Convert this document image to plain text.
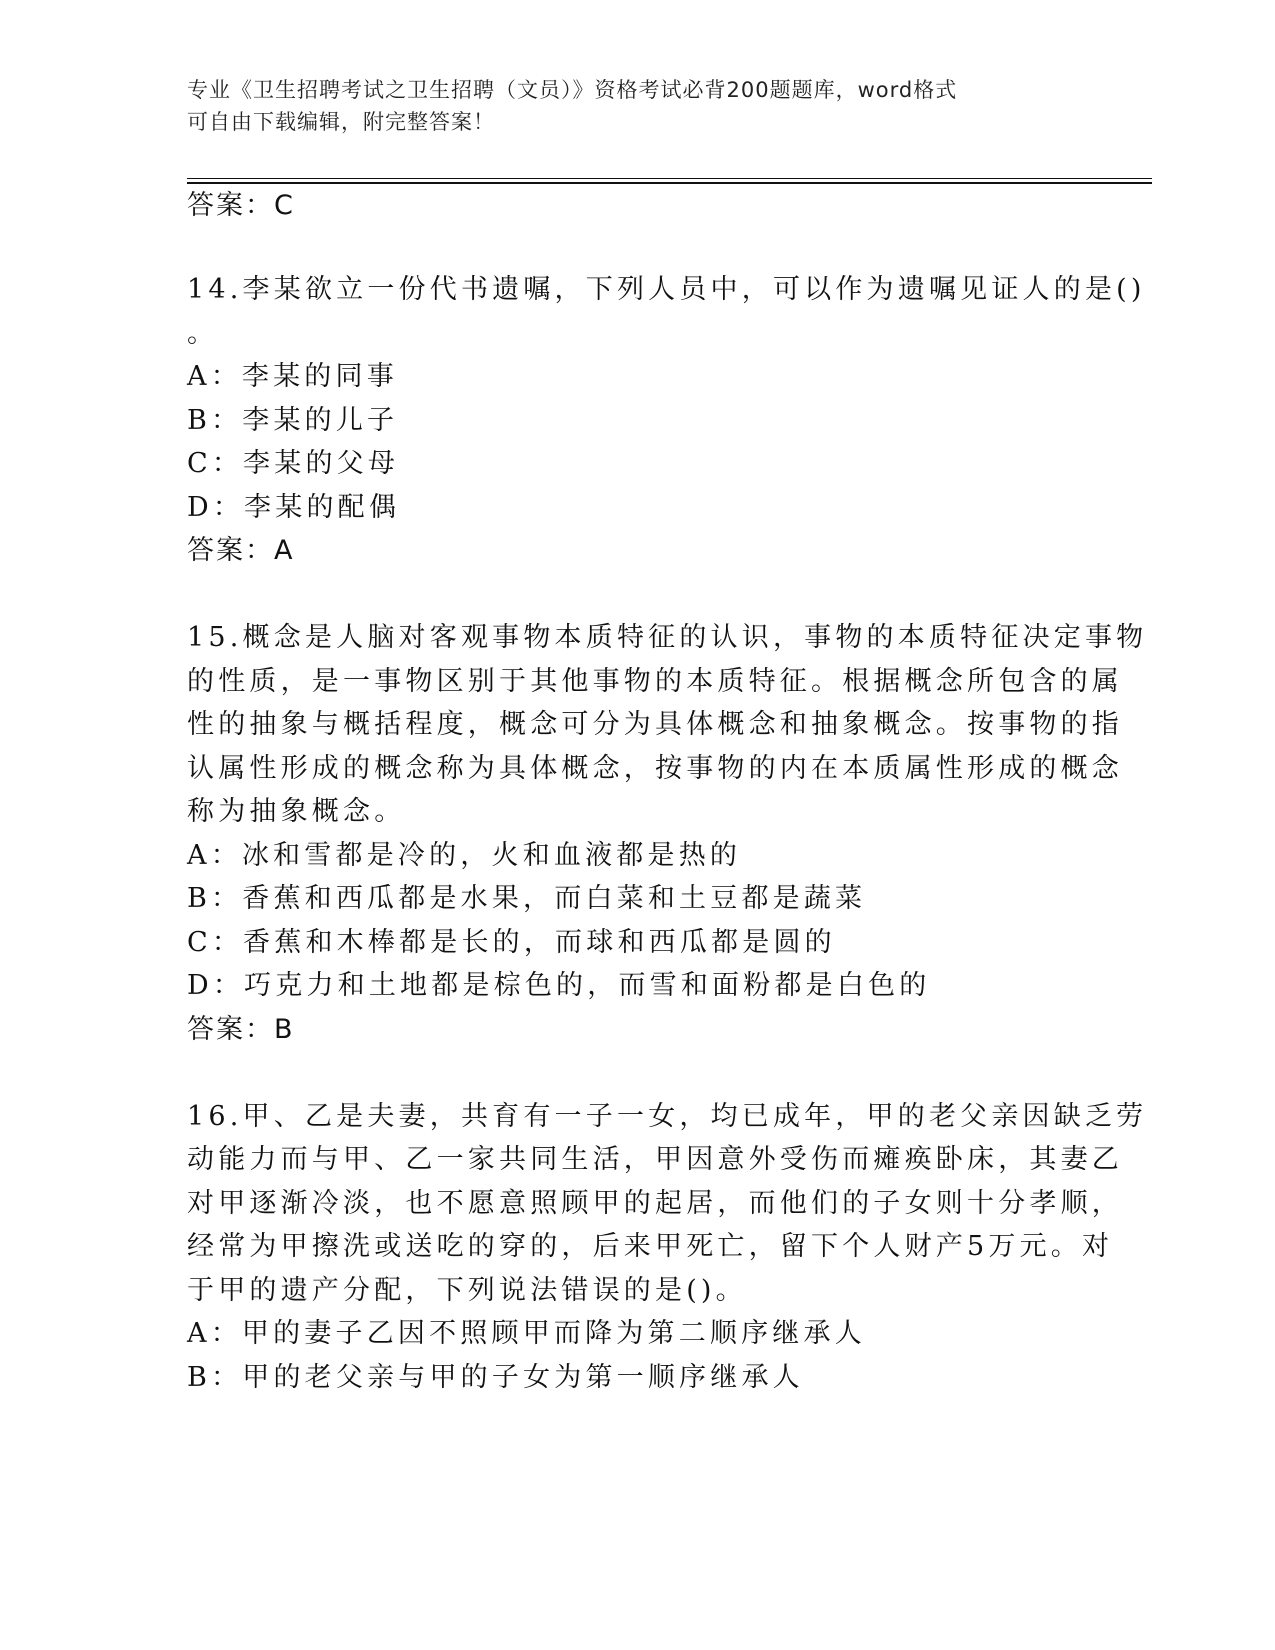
专业《卫生招聘考试之卫生招聘（文员）》资格考试必背200题题库，word格式
可自由下载编辑，附完整答案！
答案：C
14.李某欲立一份代书遗嘱，下列人员中，可以作为遗嘱见证人的是()
。
A：李某的同事
B：李某的儿子
C：李某的父母
D：李某的配偶
答案：A
15.概念是人脑对客观事物本质特征的认识，事物的本质特征决定事物
的性质，是一事物区别于其他事物的本质特征。根据概念所包含的属
性的抽象与概括程度，概念可分为具体概念和抽象概念。按事物的指
认属性形成的概念称为具体概念，按事物的内在本质属性形成的概念
称为抽象概念。
A：冰和雪都是冷的，火和血液都是热的
B：香蕉和西瓜都是水果，而白菜和土豆都是蔬菜
C：香蕉和木棒都是长的，而球和西瓜都是圆的
D：巧克力和土地都是棕色的，而雪和面粉都是白色的
答案：B
16.甲、乙是夫妻，共育有一子一女，均已成年，甲的老父亲因缺乏劳
动能力而与甲、乙一家共同生活，甲因意外受伤而瘫痪卧床，其妻乙
对甲逐渐冷淡，也不愿意照顾甲的起居，而他们的子女则十分孝顺，
经常为甲擦洗或送吃的穿的，后来甲死亡，留下个人财产5万元。对
于甲的遗产分配，下列说法错误的是()。
A：甲的妻子乙因不照顾甲而降为第二顺序继承人
B：甲的老父亲与甲的子女为第一顺序继承人
